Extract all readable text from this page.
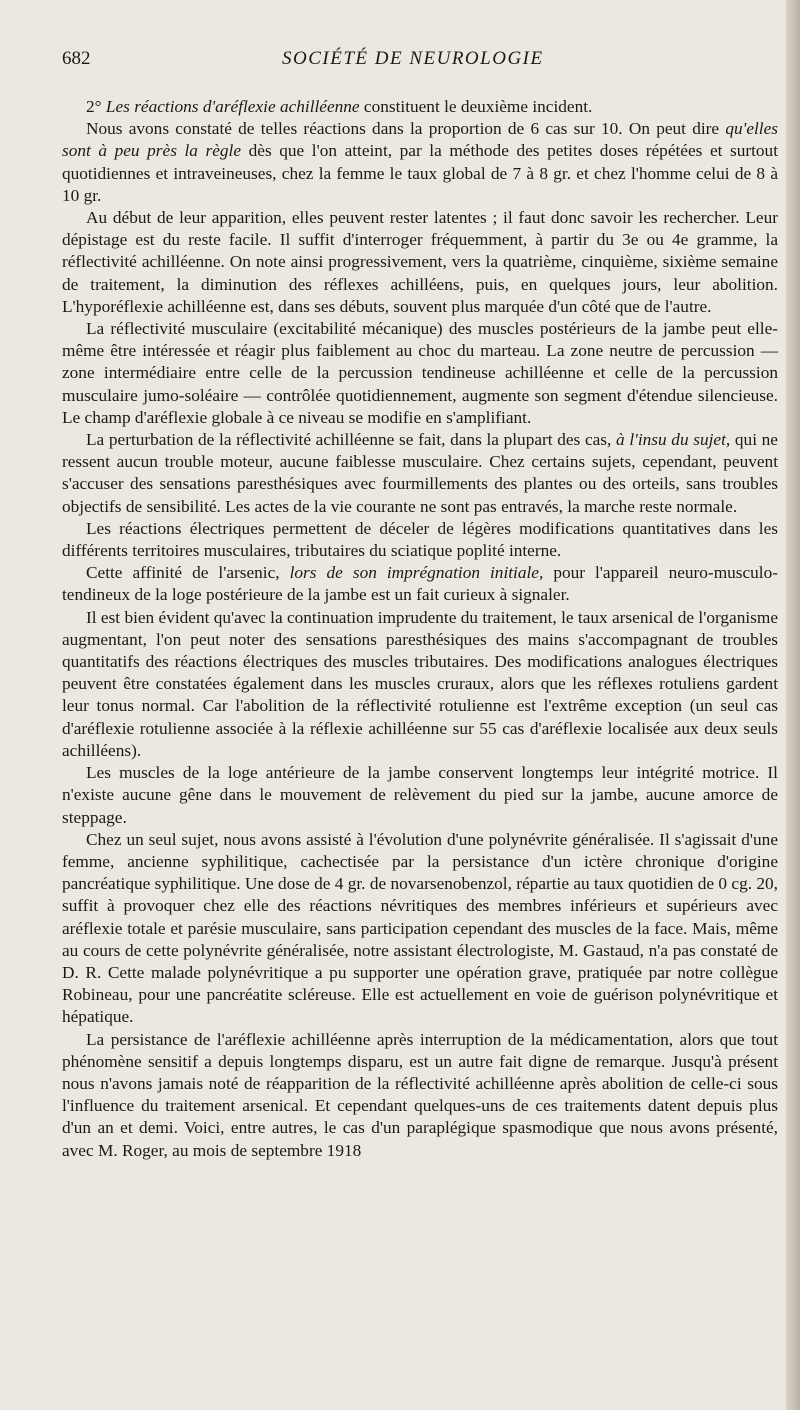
682	SOCIÉTÉ DE NEUROLOGIE

2° Les réactions d'aréflexie achilléenne constituent le deuxième incident.

Nous avons constaté de telles réactions dans la proportion de 6 cas sur 10. On peut dire qu'elles sont à peu près la règle dès que l'on atteint, par la méthode des petites doses répétées et surtout quotidiennes et intraveineuses, chez la femme le taux global de 7 à 8 gr. et chez l'homme celui de 8 à 10 gr.

Au début de leur apparition, elles peuvent rester latentes ; il faut donc savoir les rechercher. Leur dépistage est du reste facile. Il suffit d'interroger fréquemment, à partir du 3e ou 4e gramme, la réflectivité achilléenne. On note ainsi progressivement, vers la quatrième, cinquième, sixième semaine de traitement, la diminution des réflexes achilléens, puis, en quelques jours, leur abolition. L'hyporéflexie achilléenne est, dans ses débuts, souvent plus marquée d'un côté que de l'autre.

La réflectivité musculaire (excitabilité mécanique) des muscles postérieurs de la jambe peut elle-même être intéressée et réagir plus faiblement au choc du marteau. La zone neutre de percussion — zone intermédiaire entre celle de la percussion tendineuse achilléenne et celle de la percussion musculaire jumo-soléaire — contrôlée quotidiennement, augmente son segment d'étendue silencieuse. Le champ d'aréflexie globale à ce niveau se modifie en s'amplifiant.

La perturbation de la réflectivité achilléenne se fait, dans la plupart des cas, à l'insu du sujet, qui ne ressent aucun trouble moteur, aucune faiblesse musculaire. Chez certains sujets, cependant, peuvent s'accuser des sensations paresthésiques avec fourmillements des plantes ou des orteils, sans troubles objectifs de sensibilité. Les actes de la vie courante ne sont pas entravés, la marche reste normale.

Les réactions électriques permettent de déceler de légères modifications quantitatives dans les différents territoires musculaires, tributaires du sciatique poplité interne.

Cette affinité de l'arsenic, lors de son imprégnation initiale, pour l'appareil neuro-musculo-tendineux de la loge postérieure de la jambe est un fait curieux à signaler.

Il est bien évident qu'avec la continuation imprudente du traitement, le taux arsenical de l'organisme augmentant, l'on peut noter des sensations paresthésiques des mains s'accompagnant de troubles quantitatifs des réactions électriques des muscles tributaires. Des modifications analogues électriques peuvent être constatées également dans les muscles cruraux, alors que les réflexes rotuliens gardent leur tonus normal. Car l'abolition de la réflectivité rotulienne est l'extrême exception (un seul cas d'aréflexie rotulienne associée à la réflexie achilléenne sur 55 cas d'aréflexie localisée aux deux seuls achilléens).

Les muscles de la loge antérieure de la jambe conservent longtemps leur intégrité motrice. Il n'existe aucune gêne dans le mouvement de relèvement du pied sur la jambe, aucune amorce de steppage.

Chez un seul sujet, nous avons assisté à l'évolution d'une polynévrite généralisée. Il s'agissait d'une femme, ancienne syphilitique, cachectisée par la persistance d'un ictère chronique d'origine pancréatique syphilitique. Une dose de 4 gr. de novarsenobenzol, répartie au taux quotidien de 0 cg. 20, suffit à provoquer chez elle des réactions névritiques des membres inférieurs et supérieurs avec aréflexie totale et parésie musculaire, sans participation cependant des muscles de la face. Mais, même au cours de cette polynévrite généralisée, notre assistant électrologiste, M. Gastaud, n'a pas constaté de D. R. Cette malade polynévritique a pu supporter une opération grave, pratiquée par notre collègue Robineau, pour une pancréatite scléreuse. Elle est actuellement en voie de guérison polynévritique et hépatique.

La persistance de l'aréflexie achilléenne après interruption de la médicamentation, alors que tout phénomène sensitif a depuis longtemps disparu, est un autre fait digne de remarque. Jusqu'à présent nous n'avons jamais noté de réapparition de la réflectivité achilléenne après abolition de celle-ci sous l'influence du traitement arsenical. Et cependant quelques-uns de ces traitements datent depuis plus d'un an et demi. Voici, entre autres, le cas d'un paraplégique spasmodique que nous avons présenté, avec M. Roger, au mois de septembre 1918
